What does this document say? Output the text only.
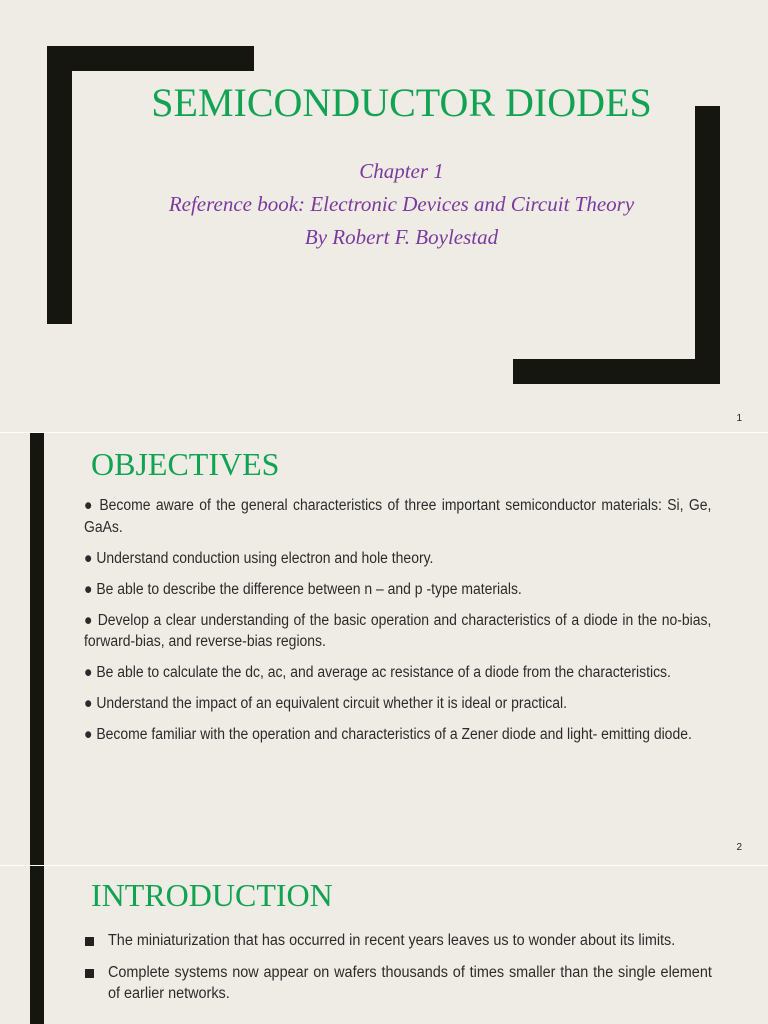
SEMICONDUCTOR DIODES
Chapter 1
Reference book: Electronic Devices and Circuit Theory
By Robert F. Boylestad
1
OBJECTIVES
● Become aware of the general characteristics of three important semiconductor materials: Si, Ge, GaAs.
● Understand conduction using electron and hole theory.
● Be able to describe the difference between n – and p -type materials.
● Develop a clear understanding of the basic operation and characteristics of a diode in the no-bias, forward-bias, and reverse-bias regions.
● Be able to calculate the dc, ac, and average ac resistance of a diode from the characteristics.
● Understand the impact of an equivalent circuit whether it is ideal or practical.
● Become familiar with the operation and characteristics of a Zener diode and light- emitting diode.
2
INTRODUCTION
The miniaturization that has occurred in recent years leaves us to wonder about its limits.
Complete systems now appear on wafers thousands of times smaller than the single element of earlier networks.
